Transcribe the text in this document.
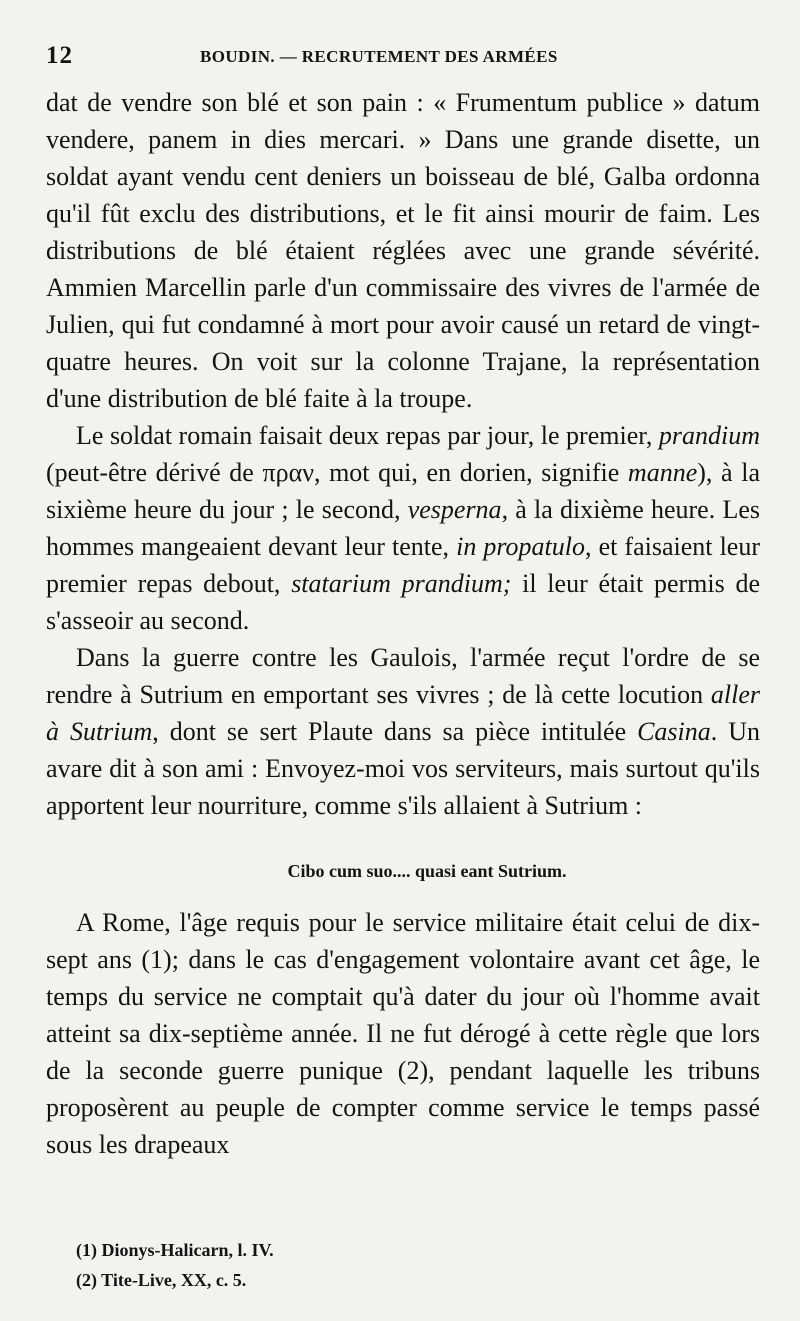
12	BOUDIN. — RECRUTEMENT DES ARMÉES

dat de vendre son blé et son pain : « Frumentum publice » datum vendere, panem in dies mercari. » Dans une grande disette, un soldat ayant vendu cent deniers un boisseau de blé, Galba ordonna qu'il fût exclu des distributions, et le fit ainsi mourir de faim. Les distributions de blé étaient réglées avec une grande sévérité. Ammien Marcellin parle d'un commissaire des vivres de l'armée de Julien, qui fut condamné à mort pour avoir causé un retard de vingt-quatre heures. On voit sur la colonne Trajane, la représentation d'une distribution de blé faite à la troupe.

Le soldat romain faisait deux repas par jour, le premier, prandium (peut-être dérivé de πραν, mot qui, en dorien, signifie manne), à la sixième heure du jour ; le second, vesperna, à la dixième heure. Les hommes mangeaient devant leur tente, in propatulo, et faisaient leur premier repas debout, statarium prandium; il leur était permis de s'asseoir au second.

Dans la guerre contre les Gaulois, l'armée reçut l'ordre de se rendre à Sutrium en emportant ses vivres ; de là cette locution aller à Sutrium, dont se sert Plaute dans sa pièce intitulée Casina. Un avare dit à son ami : Envoyez-moi vos serviteurs, mais surtout qu'ils apportent leur nourriture, comme s'ils allaient à Sutrium :

Cibo cum suo.... quasi eant Sutrium.

A Rome, l'âge requis pour le service militaire était celui de dix-sept ans (1); dans le cas d'engagement volontaire avant cet âge, le temps du service ne comptait qu'à dater du jour où l'homme avait atteint sa dix-septième année. Il ne fut dérogé à cette règle que lors de la seconde guerre punique (2), pendant laquelle les tribuns proposèrent au peuple de compter comme service le temps passé sous les drapeaux

(1) Dionys-Halicarn, l. IV.
(2) Tite-Live, XX, c. 5.
